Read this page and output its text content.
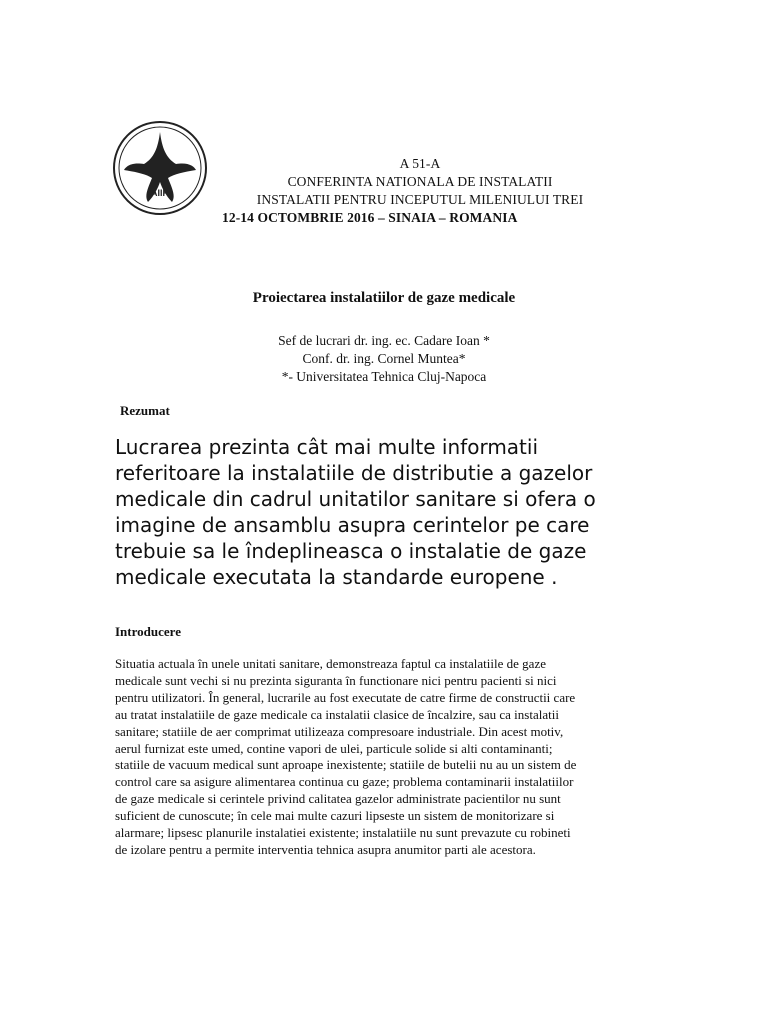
AIIR
A 51-A
CONFERINTA NATIONALA DE INSTALATII
INSTALATII PENTRU INCEPUTUL MILENIULUI TREI
12-14 OCTOMBRIE 2016 – SINAIA – ROMANIA
Proiectarea instalatiilor de gaze medicale
Sef de lucrari dr. ing. ec. Cadare Ioan *
Conf. dr. ing. Cornel Muntea*
*- Universitatea Tehnica Cluj-Napoca
Rezumat
Lucrarea prezinta cât mai multe informatii
referitoare la instalatiile de distributie a gazelor
medicale din cadrul unitatilor sanitare si ofera o
imagine de ansamblu asupra cerintelor pe care
trebuie sa le îndeplineasca o instalatie de gaze
medicale executata la standarde europene .
Introducere
Situatia actuala în unele unitati sanitare, demonstreaza faptul ca instalatiile de gaze
medicale sunt vechi si nu prezinta siguranta în functionare nici pentru pacienti si nici
pentru utilizatori. În general, lucrarile au fost executate de catre firme de constructii care
au tratat instalatiile de gaze medicale ca instalatii clasice de încalzire, sau ca instalatii
sanitare; statiile de aer comprimat utilizeaza compresoare industriale. Din acest motiv,
aerul furnizat este umed, contine vapori de ulei, particule solide si alti contaminanti;
statiile de vacuum medical sunt aproape inexistente; statiile de butelii nu au un sistem de
control care sa asigure alimentarea continua cu gaze; problema contaminarii instalatiilor
de gaze medicale si cerintele privind calitatea gazelor administrate pacientilor nu sunt
suficient de cunoscute; în cele mai multe cazuri lipseste un sistem de monitorizare si
alarmare; lipsesc planurile instalatiei existente; instalatiile nu sunt prevazute cu robineti
de izolare pentru a permite interventia tehnica asupra anumitor parti ale acestora.
